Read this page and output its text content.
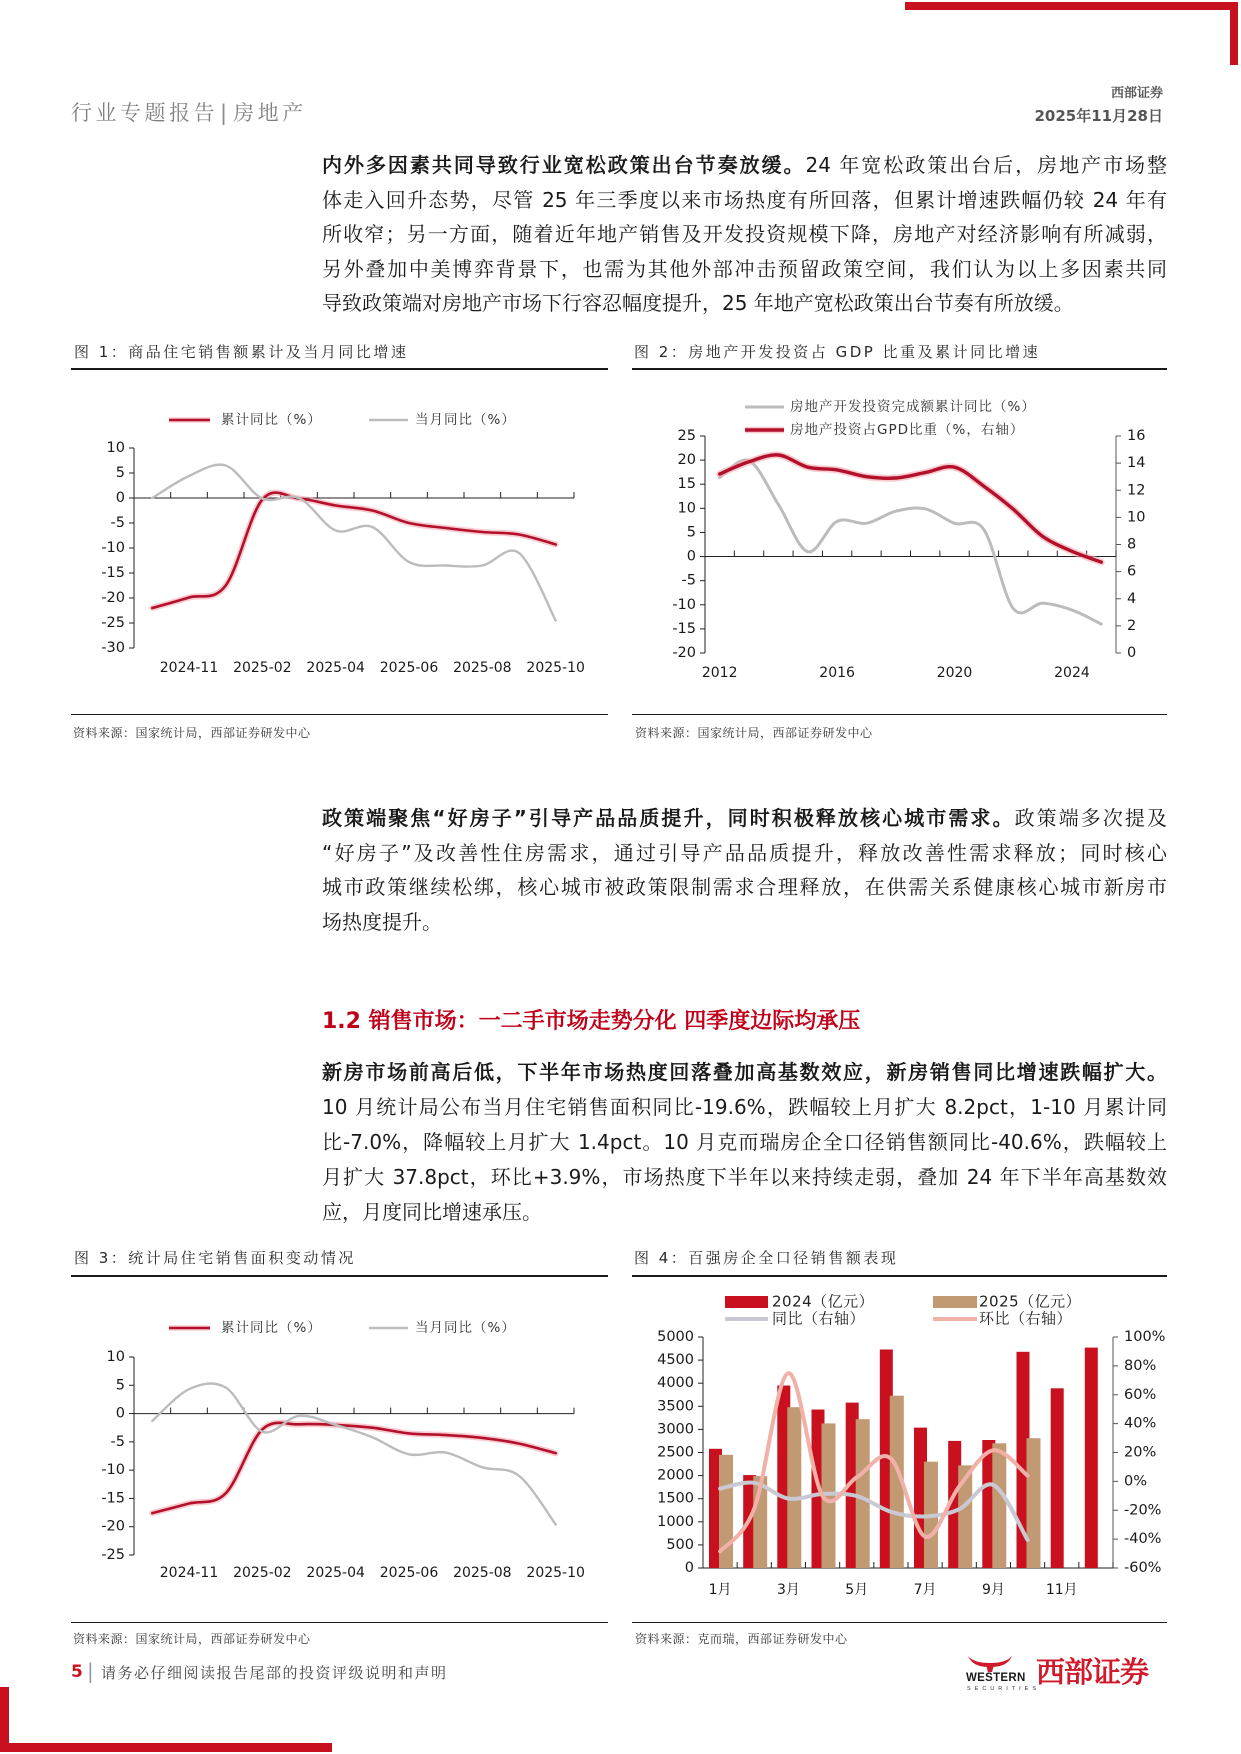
行业专题报告| 房地产
西部证券
2025年11月28日
内外多因素共同导致行业宽松政策出台节奏放缓。24 年宽松政策出台后，房地产市场整
体走入回升态势，尽管 25 年三季度以来市场热度有所回落，但累计增速跌幅仍较 24 年有
所收窄；另一方面，随着近年地产销售及开发投资规模下降，房地产对经济影响有所减弱，
另外叠加中美博弈背景下，也需为其他外部冲击预留政策空间，我们认为以上多因素共同
导致政策端对房地产市场下行容忍幅度提升，25 年地产宽松政策出台节奏有所放缓。
图 1：商品住宅销售额累计及当月同比增速
10
5
0
-5
-10
-15
-20
-25
-30
2024-11 2025-02 2025-04 2025-06 2025-08 2025-10
累计同比（%）	当月同比（%）
资料来源：国家统计局，西部证券研发中心
图 2：房地产开发投资占 GDP 比重及累计同比增速
25
20
15
10
5
0
-5
-10
-15
-20
16
14
12
10
8
6
4
2
0
2012	2016	2020	2024
房地产开发投资完成额累计同比（%）
房地产投资占GPD比重（%，右轴）
资料来源：国家统计局，西部证券研发中心
政策端聚焦“好房子”引导产品品质提升，同时积极释放核心城市需求。政策端多次提及
“好房子”及改善性住房需求，通过引导产品品质提升，释放改善性需求释放；同时核心
城市政策继续松绑，核心城市被政策限制需求合理释放，在供需关系健康核心城市新房市
场热度提升。
1.2 销售市场：一二手市场走势分化 四季度边际均承压
新房市场前高后低，下半年市场热度回落叠加高基数效应，新房销售同比增速跌幅扩大。
10 月统计局公布当月住宅销售面积同比-19.6%，跌幅较上月扩大 8.2pct，1-10 月累计同
比-7.0%，降幅较上月扩大 1.4pct。10 月克而瑞房企全口径销售额同比-40.6%，跌幅较上
月扩大 37.8pct，环比+3.9%，市场热度下半年以来持续走弱，叠加 24 年下半年高基数效
应，月度同比增速承压。
图 3：统计局住宅销售面积变动情况
10
5
0
-5
-10
-15
-20
-25
2024-11 2025-02 2025-04 2025-06 2025-08 2025-10
累计同比（%）	当月同比（%）
资料来源：国家统计局，西部证券研发中心
图 4：百强房企全口径销售额表现
5000
4500
4000
3500
3000
2500
2000
1500
1000
500
0
100%
80%
60%
40%
20%
0%
-20%
-40%
-60%
1月	3月	5月	7月	9月	11月
2024（亿元）	2025（亿元）
同比（右轴）	环比（右轴）
资料来源：克而瑞，西部证券研发中心
5 | 请务必仔细阅读报告尾部的投资评级说明和声明	WESTERN
SECURITIES
西部证券
